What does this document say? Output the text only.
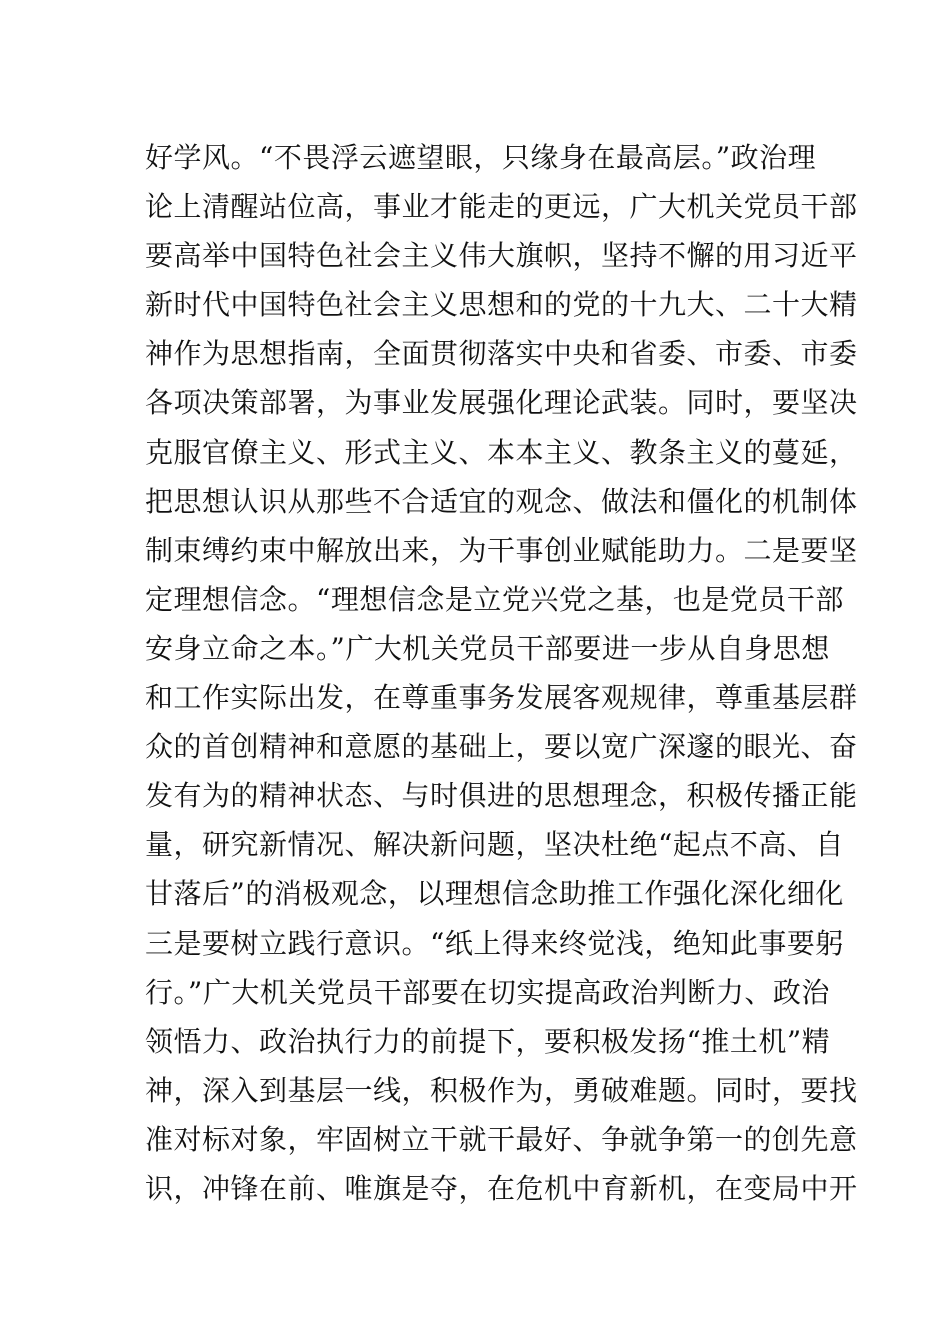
好学风。“不畏浮云遮望眼，只缘身在最高层。”政治理
论上清醒站位高，事业才能走的更远，广大机关党员干部
要高举中国特色社会主义伟大旗帜，坚持不懈的用习近平
新时代中国特色社会主义思想和的党的十九大、二十大精
神作为思想指南，全面贯彻落实中央和省委、市委、市委
各项决策部署，为事业发展强化理论武装。同时，要坚决
克服官僚主义、形式主义、本本主义、教条主义的蔓延，
把思想认识从那些不合适宜的观念、做法和僵化的机制体
制束缚约束中解放出来，为干事创业赋能助力。二是要坚
定理想信念。“理想信念是立党兴党之基，也是党员干部
安身立命之本。”广大机关党员干部要进一步从自身思想
和工作实际出发，在尊重事务发展客观规律，尊重基层群
众的首创精神和意愿的基础上，要以宽广深邃的眼光、奋
发有为的精神状态、与时俱进的思想理念，积极传播正能
量，研究新情况、解决新问题，坚决杜绝“起点不高、自
甘落后”的消极观念，以理想信念助推工作强化深化细化
三是要树立践行意识。“纸上得来终觉浅，绝知此事要躬
行。”广大机关党员干部要在切实提高政治判断力、政治
领悟力、政治执行力的前提下，要积极发扬“推土机”精
神，深入到基层一线，积极作为，勇破难题。同时，要找
准对标对象，牢固树立干就干最好、争就争第一的创先意
识，冲锋在前、唯旗是夺，在危机中育新机，在变局中开
